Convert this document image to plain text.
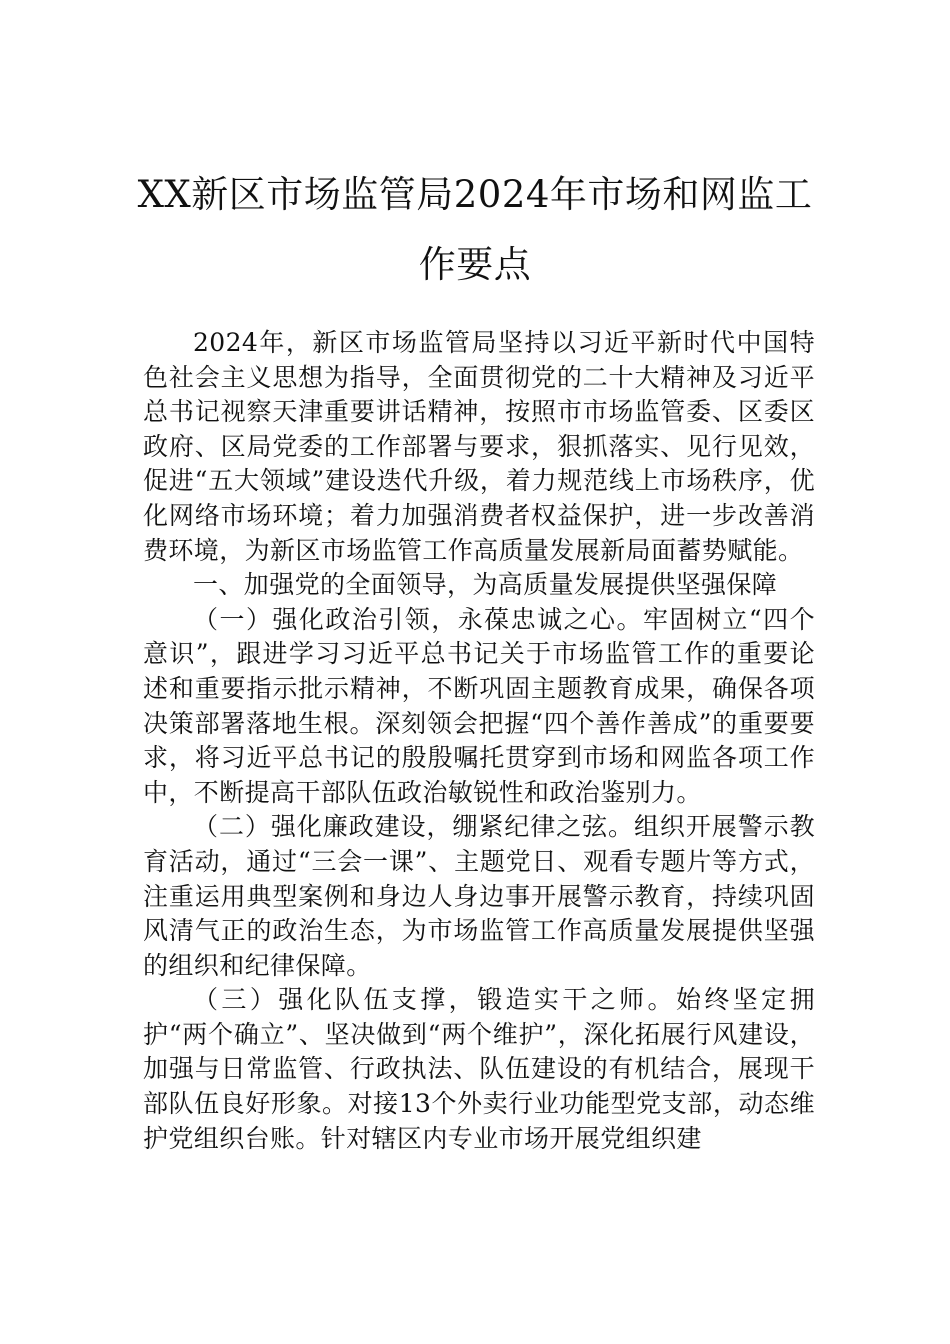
XX新区市场监管局2024年市场和网监工
作要点

2024年，新区市场监管局坚持以习近平新时代中国特色社会主义思想为指导，全面贯彻党的二十大精神及习近平总书记视察天津重要讲话精神，按照市市场监管委、区委区政府、区局党委的工作部署与要求，狠抓落实、见行见效，促进“五大领域”建设迭代升级，着力规范线上市场秩序，优化网络市场环境；着力加强消费者权益保护，进一步改善消费环境，为新区市场监管工作高质量发展新局面蓄势赋能。

一、加强党的全面领导，为高质量发展提供坚强保障

（一）强化政治引领，永葆忠诚之心。牢固树立“四个意识”，跟进学习习近平总书记关于市场监管工作的重要论述和重要指示批示精神，不断巩固主题教育成果，确保各项决策部署落地生根。深刻领会把握“四个善作善成”的重要要求，将习近平总书记的殷殷嘱托贯穿到市场和网监各项工作中，不断提高干部队伍政治敏锐性和政治鉴别力。

（二）强化廉政建设，绷紧纪律之弦。组织开展警示教育活动，通过“三会一课”、主题党日、观看专题片等方式，注重运用典型案例和身边人身边事开展警示教育，持续巩固风清气正的政治生态，为市场监管工作高质量发展提供坚强的组织和纪律保障。

（三）强化队伍支撑，锻造实干之师。始终坚定拥护“两个确立”、坚决做到“两个维护”，深化拓展行风建设，加强与日常监管、行政执法、队伍建设的有机结合，展现干部队伍良好形象。对接13个外卖行业功能型党支部，动态维护党组织台账。针对辖区内专业市场开展党组织建
